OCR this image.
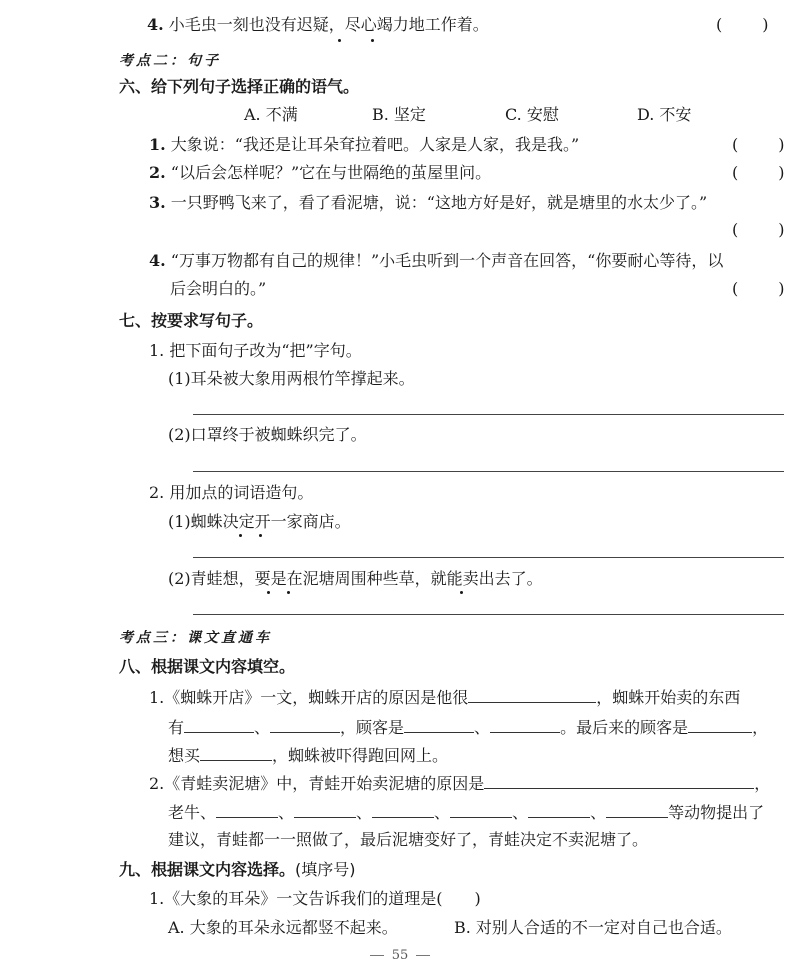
4. 小毛虫一刻也没有迟疑，尽心竭力地工作着。	(	)
考点二：句子
六、给下列句子选择正确的语气。
A. 不满	B. 坚定	C. 安慰	D. 不安
1. 大象说：“我还是让耳朵耷拉着吧。人家是人家，我是我。”	(	)
2. “以后会怎样呢？”它在与世隔绝的茧屋里问。	(	)
3. 一只野鸭飞来了，看了看泥塘，说：“这地方好是好，就是塘里的水太少了。”
(	)
4. “万事万物都有自己的规律！”小毛虫听到一个声音在回答，“你要耐心等待，以
后会明白的。”	(	)
七、按要求写句子。
1. 把下面句子改为“把”字句。
(1)耳朵被大象用两根竹竿撑起来。
(2)口罩终于被蜘蛛织完了。
2. 用加点的词语造句。
(1)蜘蛛决定开一家商店。
(2)青蛙想，要是在泥塘周围种些草，就能卖出去了。
考点三：课文直通车
八、根据课文内容填空。
1.《蜘蛛开店》一文，蜘蛛开店的原因是他很	，蜘蛛开始卖的东西
有	、	，顾客是	、	。最后来的顾客是	，
想买	，蜘蛛被吓得跑回网上。
2.《青蛙卖泥塘》中，青蛙开始卖泥塘的原因是	，
老牛、	、	、	、	、	、	等动物提出了
建议，青蛙都一一照做了，最后泥塘变好了，青蛙决定不卖泥塘了。
九、根据课文内容选择。(填序号)
1.《大象的耳朵》一文告诉我们的道理是(　　)
A. 大象的耳朵永远都竖不起来。	B. 对别人合适的不一定对自己也合适。
55
